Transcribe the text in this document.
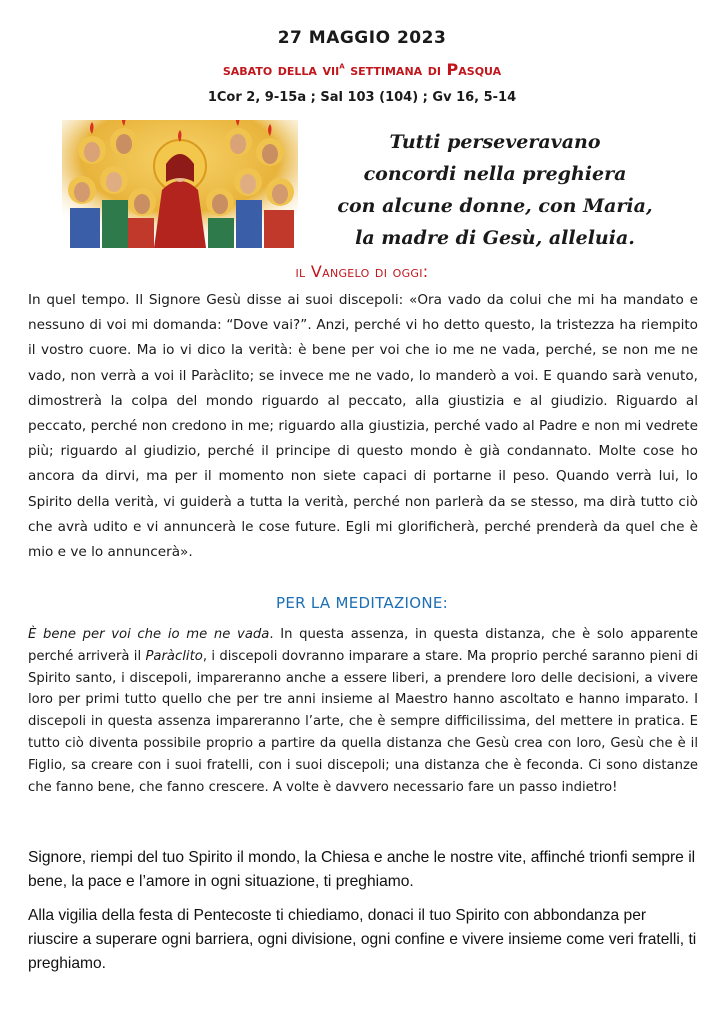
27 MAGGIO 2023
sabato della vii$^a$ settimana di Pasqua
1Cor 2, 9-15a ; Sal 103 (104) ; Gv 16, 5-14
Tutti perseveravano
concordi nella preghiera
con alcune donne, con Maria,
la madre di Gesù, alleluia.
il Vangelo di oggi:

In quel tempo. Il Signore Gesù disse ai suoi discepoli: «Ora vado da colui che mi ha mandato e nessuno di voi mi domanda: “Dove vai?”. Anzi, perché vi ho detto questo, la tristezza ha riempito il vostro cuore. Ma io vi dico la verità: è bene per voi che io me ne vada, perché, se non me ne vado, non verrà a voi il Paràclito; se invece me ne vado, lo manderò a voi. E quando sarà venuto, dimostrerà la colpa del mondo riguardo al peccato, alla giustizia e al giudizio. Riguardo al peccato, perché non credono in me; riguardo alla giustizia, perché vado al Padre e non mi vedrete più; riguardo al giudizio, perché il principe di questo mondo è già condannato. Molte cose ho ancora da dirvi, ma per il momento non siete capaci di portarne il peso. Quando verrà lui, lo Spirito della verità, vi guiderà a tutta la verità, perché non parlerà da se stesso, ma dirà tutto ciò che avrà udito e vi annuncerà le cose future. Egli mi glorificherà, perché prenderà da quel che è mio e ve lo annuncerà».

PER LA MEDITAZIONE:

È bene per voi che io me ne vada. In questa assenza, in questa distanza, che è solo apparente perché arriverà il Paràclito, i discepoli dovranno imparare a stare. Ma proprio perché saranno pieni di Spirito santo, i discepoli, impareranno anche a essere liberi, a prendere loro delle decisioni, a vivere loro per primi tutto quello che per tre anni insieme al Maestro hanno ascoltato e hanno imparato. I discepoli in questa assenza impareranno l’arte, che è sempre difficilissima, del mettere in pratica. E tutto ciò diventa possibile proprio a partire da quella distanza che Gesù crea con loro, Gesù che è il Figlio, sa creare con i suoi fratelli, con i suoi discepoli; una distanza che è feconda. Ci sono distanze che fanno bene, che fanno crescere. A volte è davvero necessario fare un passo indietro!

Signore, riempi del tuo Spirito il mondo, la Chiesa e anche le nostre vite, affinché trionfi sempre il bene, la pace e l’amore in ogni situazione, ti preghiamo.

Alla vigilia della festa di Pentecoste ti chiediamo, donaci il tuo Spirito con abbondanza per riuscire a superare ogni barriera, ogni divisione, ogni confine e vivere insieme come veri fratelli, ti preghiamo.
